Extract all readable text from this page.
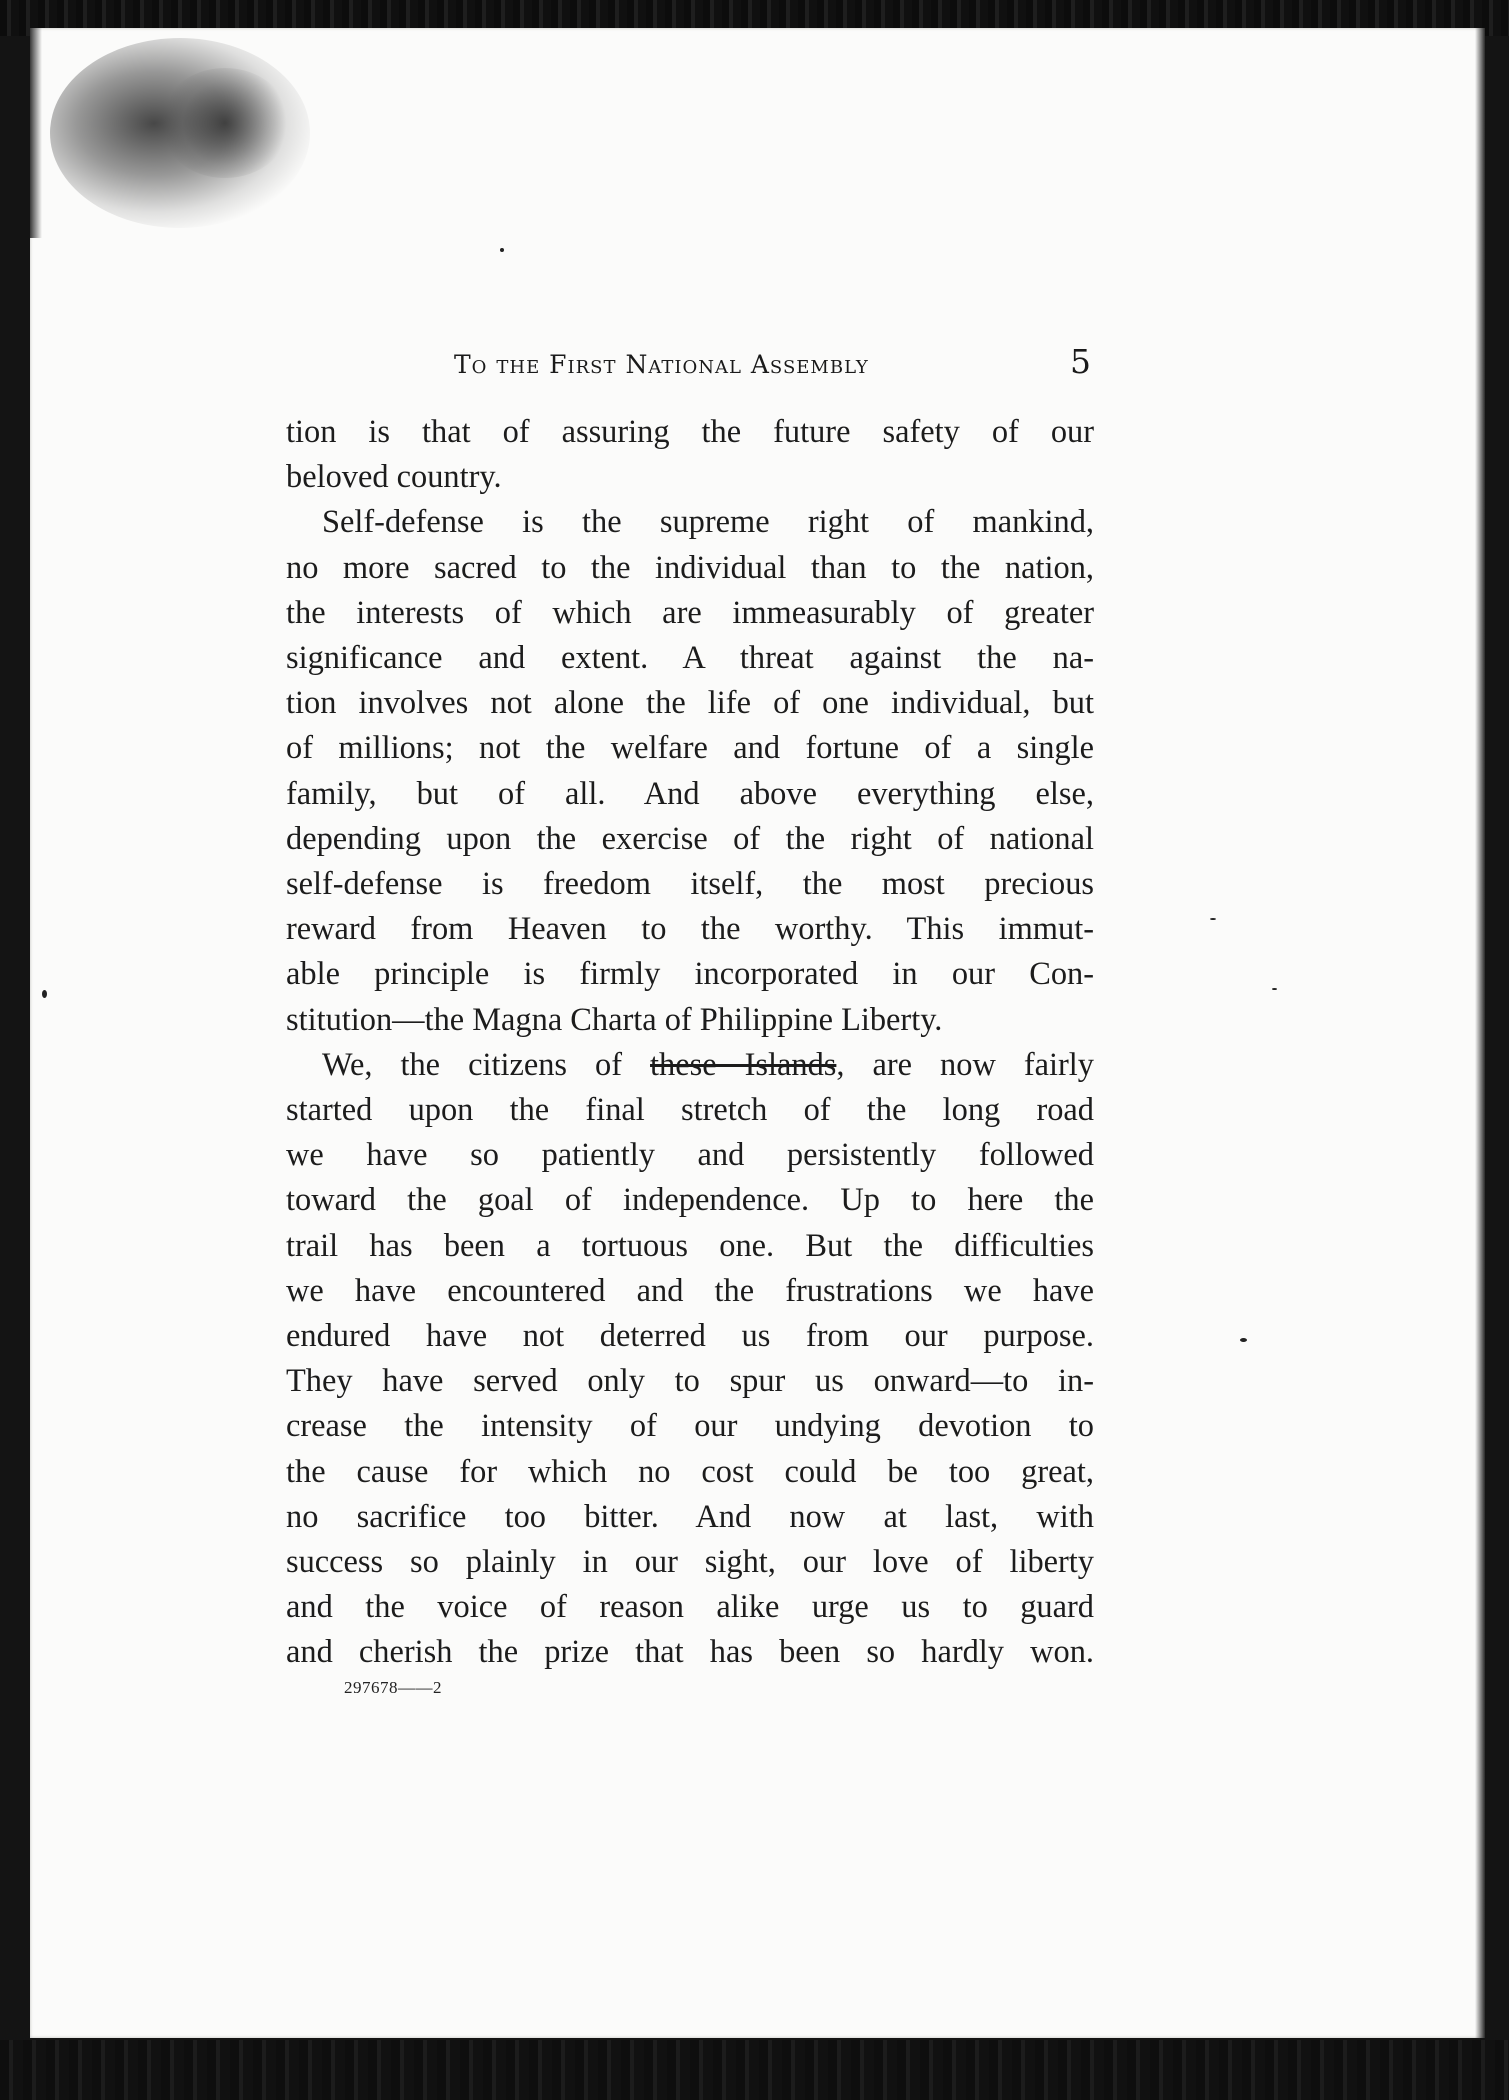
To the First National Assembly	5
tion is that of assuring the future safety of our
beloved country.
Self-defense is the supreme right of mankind,
no more sacred to the individual than to the nation,
the interests of which are immeasurably of greater
significance and extent. A threat against the na-
tion involves not alone the life of one individual, but
of millions; not the welfare and fortune of a single
family, but of all. And above everything else,
depending upon the exercise of the right of national
self-defense is freedom itself, the most precious
reward from Heaven to the worthy. This immut-
able principle is firmly incorporated in our Con-
stitution—the Magna Charta of Philippine Liberty.
We, the citizens of these Islands, are now fairly
started upon the final stretch of the long road
we have so patiently and persistently followed
toward the goal of independence. Up to here the
trail has been a tortuous one. But the difficulties
we have encountered and the frustrations we have
endured have not deterred us from our purpose.
They have served only to spur us onward—to in-
crease the intensity of our undying devotion to
the cause for which no cost could be too great,
no sacrifice too bitter. And now at last, with
success so plainly in our sight, our love of liberty
and the voice of reason alike urge us to guard
and cherish the prize that has been so hardly won.
297678——2
